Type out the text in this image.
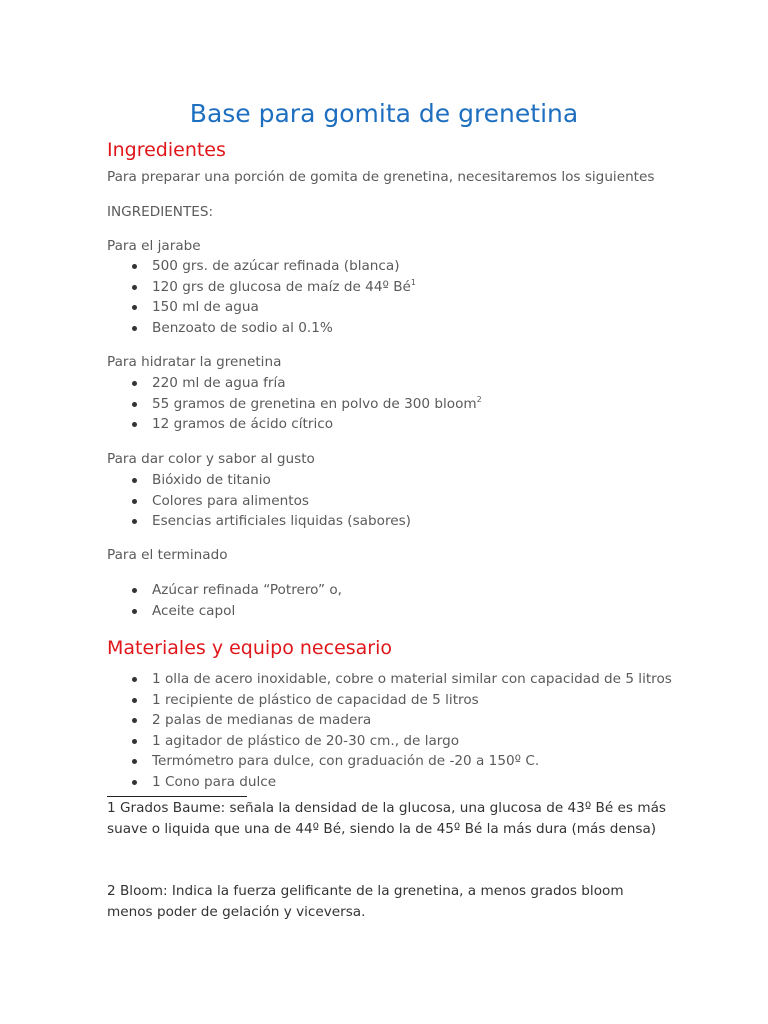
Base para gomita de grenetina
Ingredientes

Para preparar una porción de gomita de grenetina, necesitaremos los siguientes

INGREDIENTES:

Para el jarabe

500 grs. de azúcar refinada (blanca)
120 grs de glucosa de maíz de 44º $Bé^1$
150 ml de agua
Benzoato de sodio al 0.1%

Para hidratar la grenetina

220 ml de agua fría
55 gramos de grenetina en polvo de 300 bloom$^2$
12 gramos de ácido cítrico

Para dar color y sabor al gusto

Bióxido de titanio
Colores para alimentos
Esencias artificiales liquidas (sabores)

Para el terminado

Azúcar refinada “Potrero” o,
Aceite capol
Materiales y equipo necesario
1 olla de acero inoxidable, cobre o material similar con capacidad de 5 litros
1 recipiente de plástico de capacidad de 5 litros
2 palas de medianas de madera
1 agitador de plástico de 20-30 cm., de largo
Termómetro para dulce, con graduación de -20 a 150º C.
1 Cono para dulce

1 Grados Baume: señala la densidad de la glucosa, una glucosa de 43º Bé es más suave o liquida que una de 44º Bé, siendo la de 45º Bé la más dura (más densa)

2 Bloom: Indica la fuerza gelificante de la grenetina, a menos grados bloom menos poder de gelación y viceversa.
